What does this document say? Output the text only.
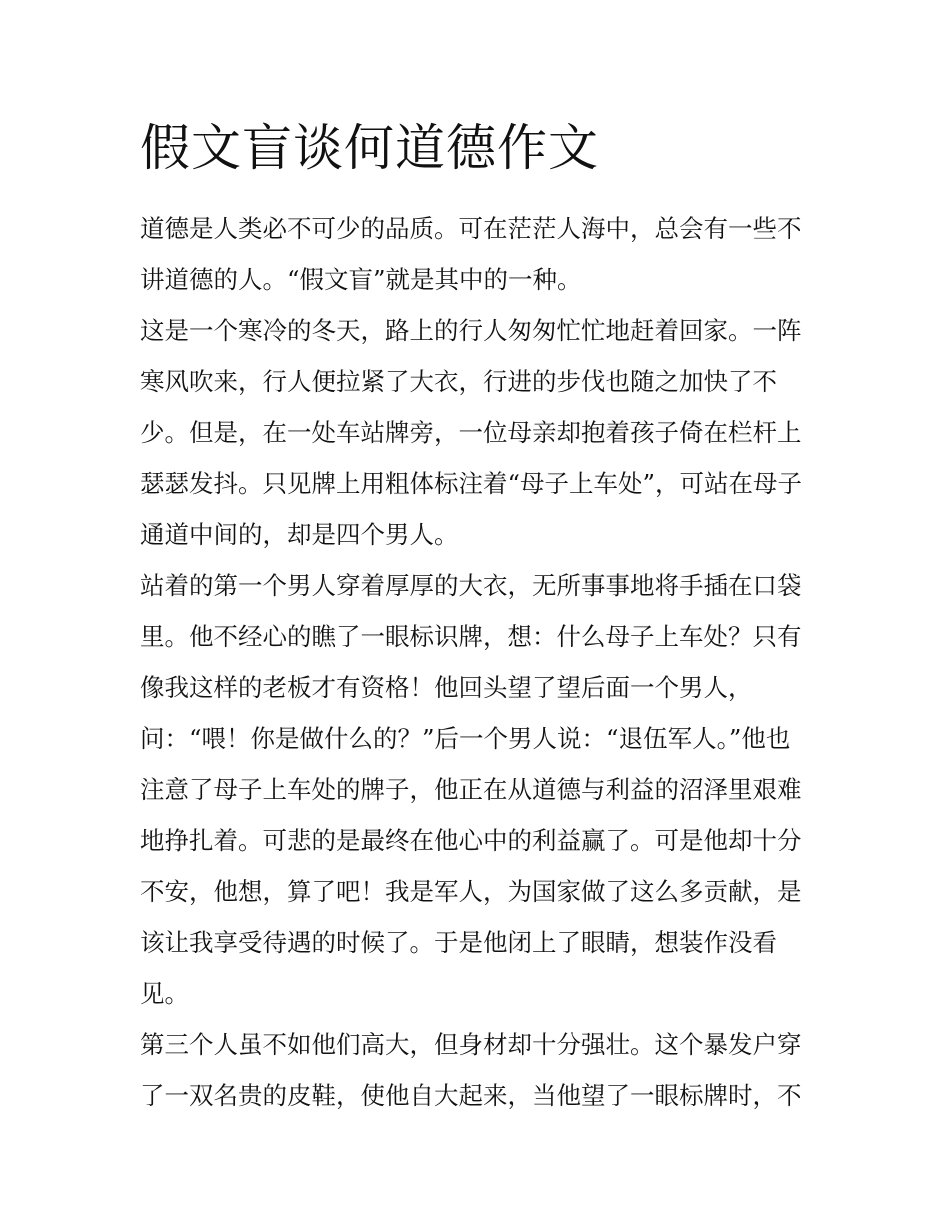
假文盲谈何道德作文
道德是人类必不可少的品质。可在茫茫人海中，总会有一些不
讲道德的人。“假文盲”就是其中的一种。
这是一个寒冷的冬天，路上的行人匆匆忙忙地赶着回家。一阵
寒风吹来，行人便拉紧了大衣，行进的步伐也随之加快了不
少。但是，在一处车站牌旁，一位母亲却抱着孩子倚在栏杆上
瑟瑟发抖。只见牌上用粗体标注着“母子上车处”，可站在母子
通道中间的，却是四个男人。
站着的第一个男人穿着厚厚的大衣，无所事事地将手插在口袋
里。他不经心的瞧了一眼标识牌，想：什么母子上车处？只有
像我这样的老板才有资格！他回头望了望后面一个男人，
问：“喂！你是做什么的？”后一个男人说：“退伍军人。”他也
注意了母子上车处的牌子，他正在从道德与利益的沼泽里艰难
地挣扎着。可悲的是最终在他心中的利益赢了。可是他却十分
不安，他想，算了吧！我是军人，为国家做了这么多贡献，是
该让我享受待遇的时候了。于是他闭上了眼睛，想装作没看
见。
第三个人虽不如他们高大，但身材却十分强壮。这个暴发户穿
了一双名贵的皮鞋，使他自大起来，当他望了一眼标牌时，不
